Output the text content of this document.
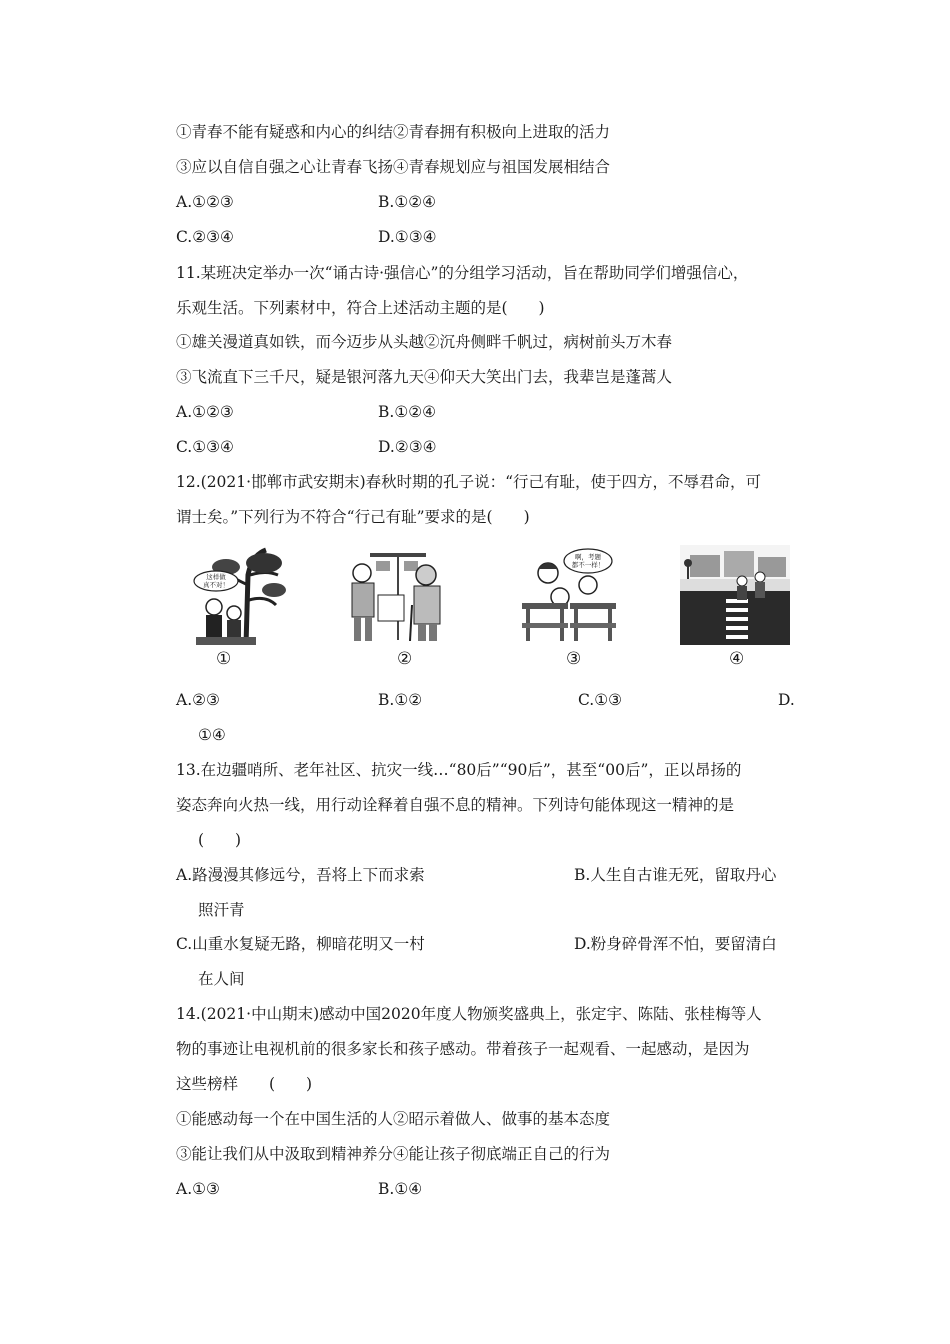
①青春不能有疑惑和内心的纠结②青春拥有积极向上进取的活力
③应以自信自强之心让青春飞扬④青春规划应与祖国发展相结合
A.①②③	B.①②④
C.②③④	D.①③④
11.某班决定举办一次“诵古诗·强信心”的分组学习活动，旨在帮助同学们增强信心，
乐观生活。下列素材中，符合上述活动主题的是(　　)
①雄关漫道真如铁，而今迈步从头越②沉舟侧畔千帆过，病树前头万木春
③飞流直下三千尺，疑是银河落九天④仰天大笑出门去，我辈岂是蓬蒿人
A.①②③	B.①②④
C.①③④	D.②③④
12.(2021·邯郸市武安期末)春秋时期的孔子说：“行己有耻，使于四方，不辱君命，可
谓士矣。”下列行为不符合“行己有耻”要求的是(　　)
这样做
真不对！
①	②
啊，考题
都不一样！
③	④
A.②③	B.①②	C.①③	D.
①④
13.在边疆哨所、老年社区、抗灾一线…“80后”“90后”，甚至“00后”，正以昂扬的
姿态奔向火热一线，用行动诠释着自强不息的精神。下列诗句能体现这一精神的是
(　　)
A.路漫漫其修远兮，吾将上下而求索	B.人生自古谁无死，留取丹心
照汗青
C.山重水复疑无路，柳暗花明又一村	D.粉身碎骨浑不怕，要留清白
在人间
14.(2021·中山期末)感动中国2020年度人物颁奖盛典上，张定宇、陈陆、张桂梅等人
物的事迹让电视机前的很多家长和孩子感动。带着孩子一起观看、一起感动，是因为
这些榜样　　(　　)
①能感动每一个在中国生活的人②昭示着做人、做事的基本态度
③能让我们从中汲取到精神养分④能让孩子彻底端正自己的行为
A.①③	B.①④
